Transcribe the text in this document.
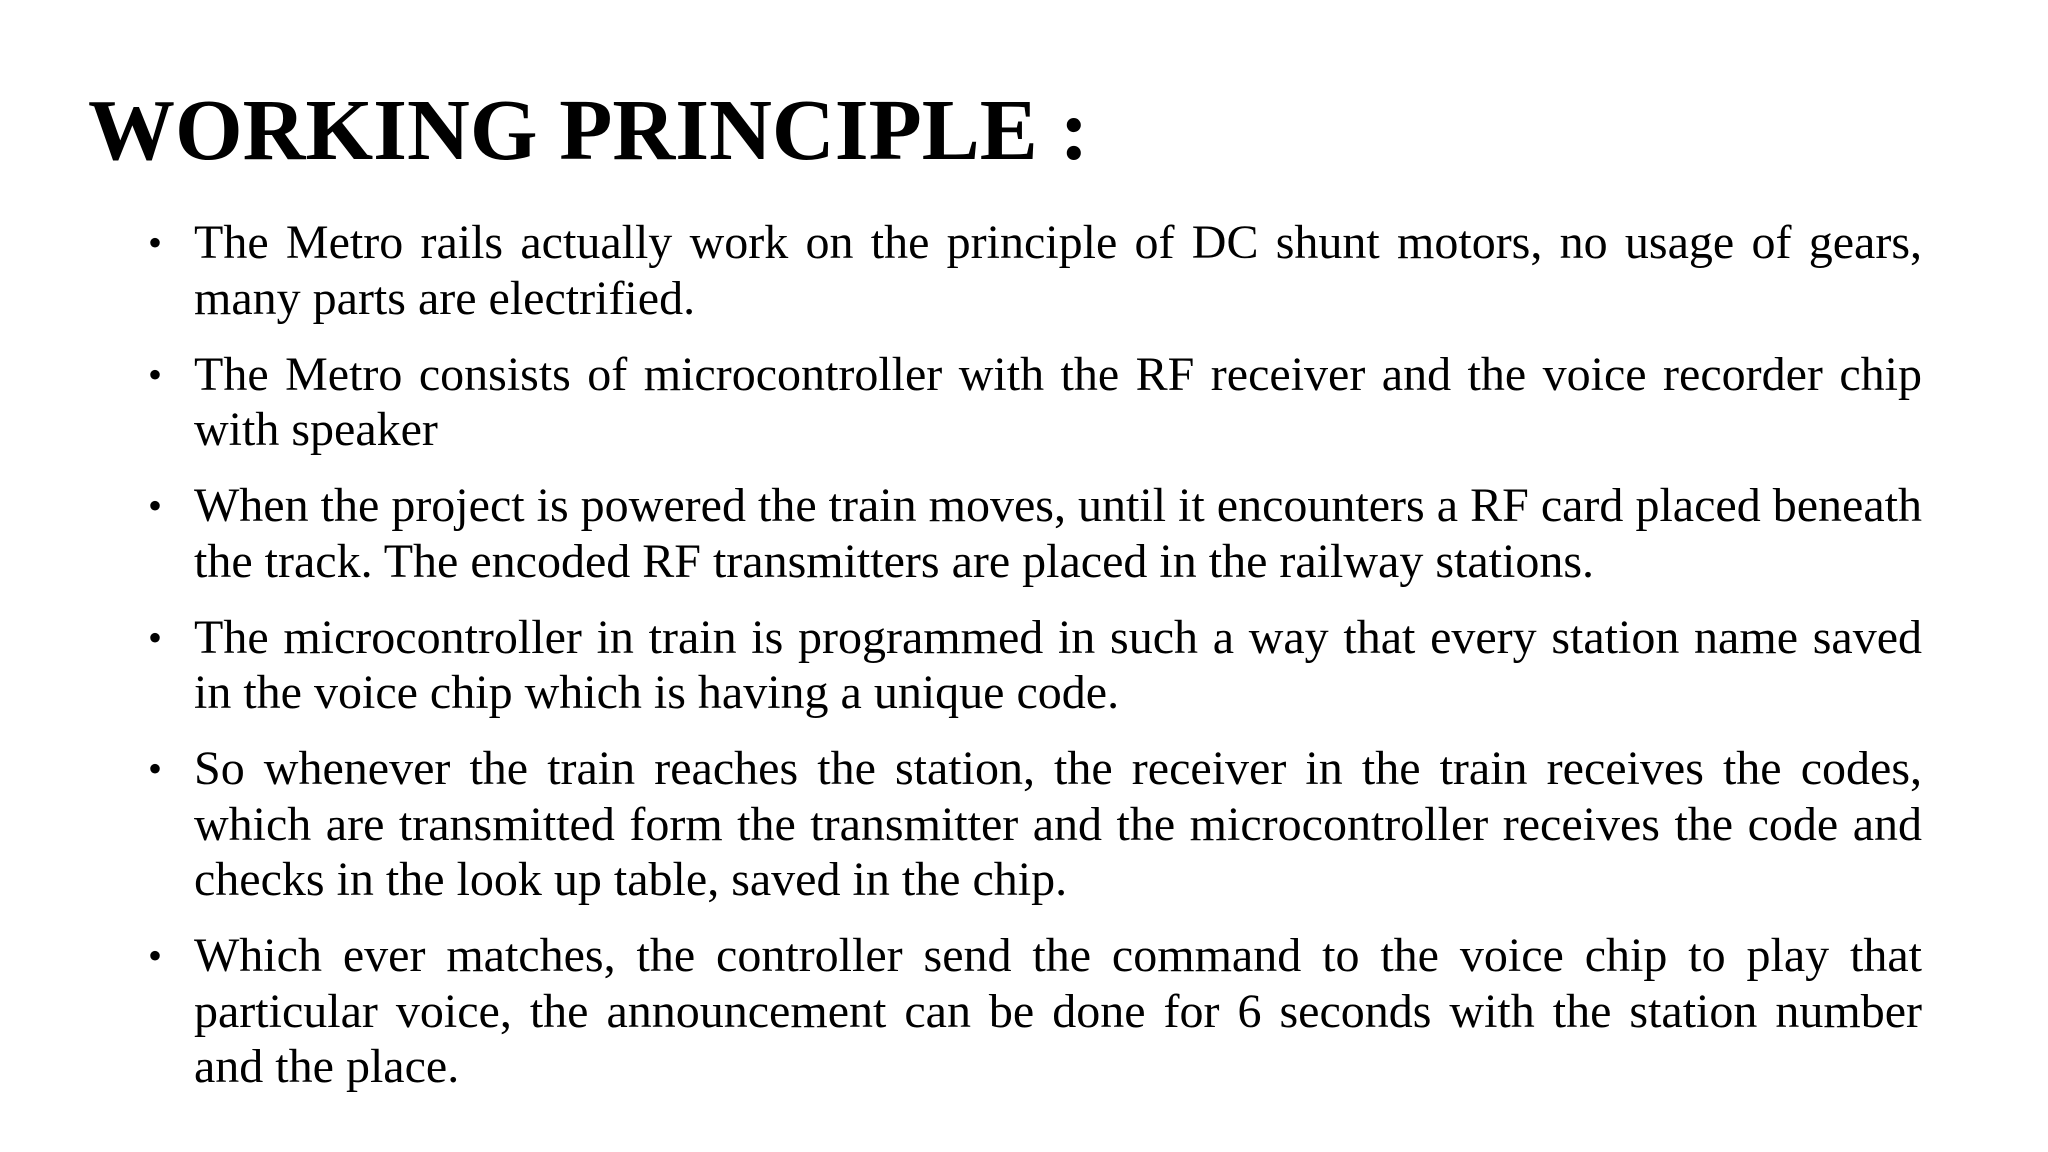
WORKING PRINCIPLE :
• The Metro rails actually work on the principle of DC shunt motors, no usage of gears, many parts are electrified.
• The Metro consists of microcontroller with the RF receiver and the voice recorder chip with speaker
• When the project is powered the train moves, until it encounters a RF card placed beneath the track. The encoded RF transmitters are placed in the railway stations.
• The microcontroller in train is programmed in such a way that every station name saved in the voice chip which is having a unique code.
• So whenever the train reaches the station, the receiver in the train receives the codes, which are transmitted form the transmitter and the microcontroller receives the code and checks in the look up table, saved in the chip.
• Which ever matches, the controller send the command to the voice chip to play that particular voice, the announcement can be done for 6 seconds with the station number and the place.
